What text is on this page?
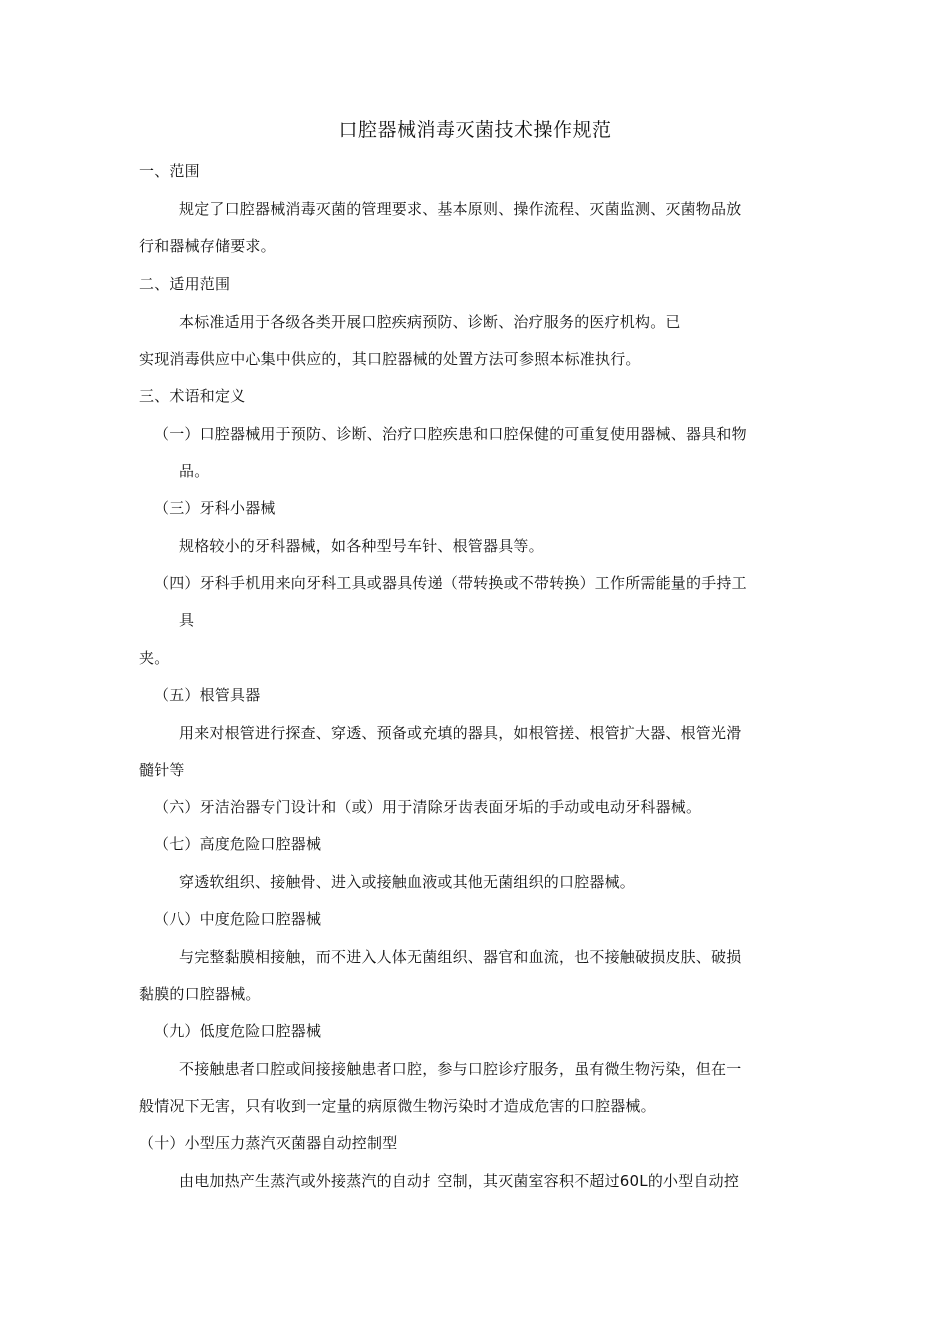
口腔器械消毒灭菌技术操作规范
一、范围
规定了口腔器械消毒灭菌的管理要求、基本原则、操作流程、灭菌监测、灭菌物品放
行和器械存储要求。
二、适用范围
本标准适用于各级各类开展口腔疾病预防、诊断、治疗服务的医疗机构。已
实现消毒供应中心集中供应的，其口腔器械的处置方法可参照本标准执行。
三、术语和定义
（一）口腔器械用于预防、诊断、治疗口腔疾患和口腔保健的可重复使用器械、器具和物
品。
（三）牙科小器械
规格较小的牙科器械，如各种型号车针、根管器具等。
（四）牙科手机用来向牙科工具或器具传递（带转换或不带转换）工作所需能量的手持工
具
夹。
（五）根管具器
用来对根管进行探查、穿透、预备或充填的器具，如根管搓、根管扩大器、根管光滑
髓针等
（六）牙洁治器专门设计和（或）用于清除牙齿表面牙垢的手动或电动牙科器械。
（七）高度危险口腔器械
穿透软组织、接触骨、进入或接触血液或其他无菌组织的口腔器械。
（八）中度危险口腔器械
与完整黏膜相接触，而不进入人体无菌组织、器官和血流，也不接触破损皮肤、破损
黏膜的口腔器械。
（九）低度危险口腔器械
不接触患者口腔或间接接触患者口腔，参与口腔诊疗服务，虽有微生物污染，但在一
般情况下无害，只有收到一定量的病原微生物污染时才造成危害的口腔器械。
（十）小型压力蒸汽灭菌器自动控制型
由电加热产生蒸汽或外接蒸汽的自动扌空制，其灭菌室容积不超过60L的小型自动控
